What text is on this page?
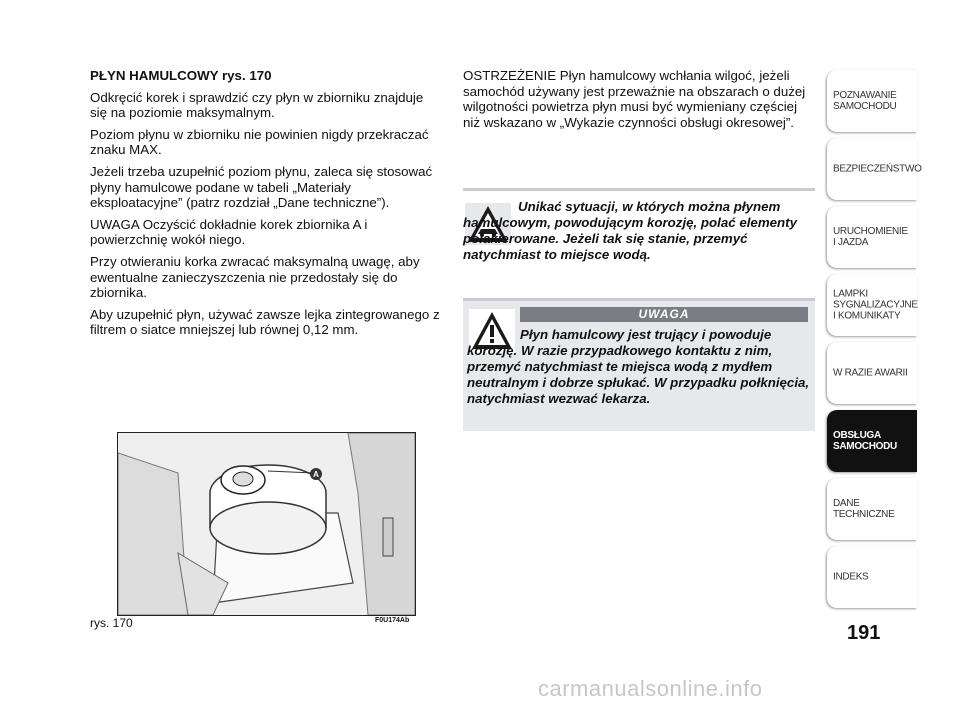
PŁYN HAMULCOWY rys. 170

Odkręcić korek i sprawdzić czy płyn w zbiorniku znajduje się na poziomie maksymalnym.

Poziom płynu w zbiorniku nie powinien nigdy przekraczać znaku MAX.

Jeżeli trzeba uzupełnić poziom płynu, zaleca się stosować płyny hamulcowe podane w tabeli „Materiały eksploatacyjne” (patrz rozdział „Dane techniczne”).

UWAGA Oczyścić dokładnie korek zbiornika A i powierzchnię wokół niego.

Przy otwieraniu korka zwracać maksymalną uwagę, aby ewentualne zanieczyszczenia nie przedostały się do zbiornika.

Aby uzupełnić płyn, używać zawsze lejka zintegrowanego z filtrem o siatce mniejszej lub równej 0,12 mm.

OSTRZEŻENIE Płyn hamulcowy wchłania wilgoć, jeżeli samochód używany jest przeważnie na obszarach o dużej wilgotności powietrza płyn musi być wymieniany częściej niż wskazano w „Wykazie czynności obsługi okresowej”.

Unikać sytuacji, w których można płynem hamulcowym, powodującym korozję, polać elementy polakierowane. Jeżeli tak się stanie, przemyć natychmiast to miejsce wodą.
UWAGA
Płyn hamulcowy jest trujący i powoduje korozję. W razie przypadkowego kontaktu z nim, przemyć natychmiast te miejsca wodą z mydłem neutralnym i dobrze spłukać. W przypadku połknięcia, natychmiast wezwać lekarza.
A
rys. 170	F0U174Ab
POZNAWANIE
SAMOCHODU
BEZPIECZEŃSTWO
URUCHOMIENIE
I JAZDA
LAMPKI
SYGNALIZACYJNE
I KOMUNIKATY
W RAZIE AWARII
OBSŁUGA
SAMOCHODU
DANE
TECHNICZNE
INDEKS
191
carmanualsonline.info
